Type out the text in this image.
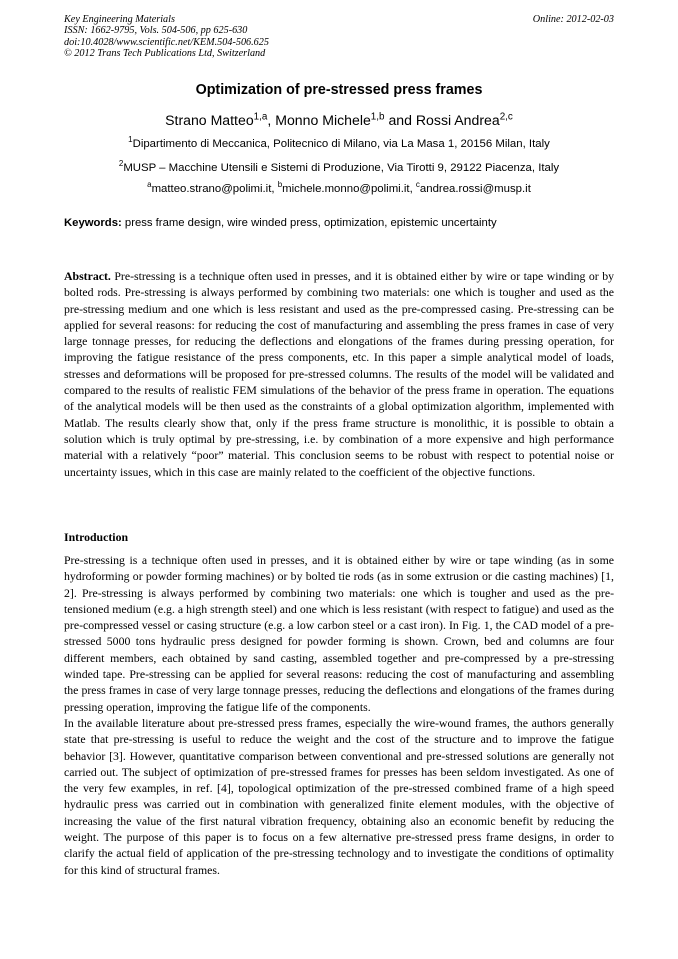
Key Engineering Materials
ISSN: 1662-9795, Vols. 504-506, pp 625-630
doi:10.4028/www.scientific.net/KEM.504-506.625
© 2012 Trans Tech Publications Ltd, Switzerland
Online: 2012-02-03
Optimization of pre-stressed press frames
Strano Matteo$^{1,a}$, Monno Michele$^{1,b}$ and Rossi Andrea$^{2,c}$
$^1$Dipartimento di Meccanica, Politecnico di Milano, via La Masa 1, 20156 Milan, Italy
$^2$MUSP – Macchine Utensili e Sistemi di Produzione, Via Tirotti 9, 29122 Piacenza, Italy
$^a$matteo.strano@polimi.it, $^b$michele.monno@polimi.it, $^c$andrea.rossi@musp.it
Keywords: press frame design, wire winded press, optimization, epistemic uncertainty
Abstract. Pre-stressing is a technique often used in presses, and it is obtained either by wire or tape winding or by bolted rods. Pre-stressing is always performed by combining two materials: one which is tougher and used as the pre-stressing medium and one which is less resistant and used as the pre-compressed casing. Pre-stressing can be applied for several reasons: for reducing the cost of manufacturing and assembling the press frames in case of very large tonnage presses, for reducing the deflections and elongations of the frames during pressing operation, for improving the fatigue resistance of the press components, etc. In this paper a simple analytical model of loads, stresses and deformations will be proposed for pre-stressed columns. The results of the model will be validated and compared to the results of realistic FEM simulations of the behavior of the press frame in operation. The equations of the analytical models will be then used as the constraints of a global optimization algorithm, implemented with Matlab. The results clearly show that, only if the press frame structure is monolithic, it is possible to obtain a solution which is truly optimal by pre-stressing, i.e. by combination of a more expensive and high performance material with a relatively “poor” material. This conclusion seems to be robust with respect to potential noise or uncertainty issues, which in this case are mainly related to the coefficient of the objective functions.
Introduction

Pre-stressing is a technique often used in presses, and it is obtained either by wire or tape winding (as in some hydroforming or powder forming machines) or by bolted tie rods (as in some extrusion or die casting machines) [1, 2]. Pre-stressing is always performed by combining two materials: one which is tougher and used as the pre-tensioned medium (e.g. a high strength steel) and one which is less resistant (with respect to fatigue) and used as the pre-compressed vessel or casing structure (e.g. a low carbon steel or a cast iron). In Fig. 1, the CAD model of a pre-stressed 5000 tons hydraulic press designed for powder forming is shown. Crown, bed and columns are four different members, each obtained by sand casting, assembled together and pre-compressed by a pre-stressing winded tape. Pre-stressing can be applied for several reasons: reducing the cost of manufacturing and assembling the press frames in case of very large tonnage presses, reducing the deflections and elongations of the frames during pressing operation, improving the fatigue life of the components.

In the available literature about pre-stressed press frames, especially the wire-wound frames, the authors generally state that pre-stressing is useful to reduce the weight and the cost of the structure and to improve the fatigue behavior [3]. However, quantitative comparison between conventional and pre-stressed solutions are generally not carried out. The subject of optimization of pre-stressed frames for presses has been seldom investigated. As one of the very few examples, in ref. [4], topological optimization of the pre-stressed combined frame of a high speed hydraulic press was carried out in combination with generalized finite element modules, with the objective of increasing the value of the first natural vibration frequency, obtaining also an economic benefit by reducing the weight. The purpose of this paper is to focus on a few alternative pre-stressed press frame designs, in order to clarify the actual field of application of the pre-stressing technology and to investigate the conditions of optimality for this kind of structural frames.
